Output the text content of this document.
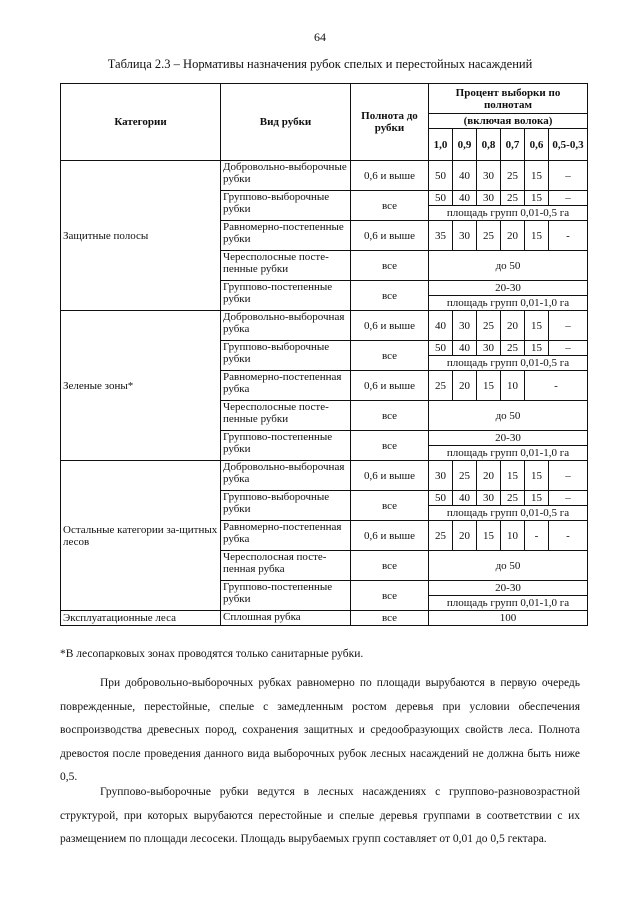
64
Таблица 2.3 – Нормативы назначения рубок спелых и перестойных насаждений
Категории	Вид рубки	Полнота до рубки	Процент выборки по полнотам					
			(включая волока)					
			1,0	0,9	0,8	0,7	0,6	0,5-0,3
Защитные полосы	Добровольно-выборочные рубки	0,6 и выше	50	40	30	25	15	–
	Группово-выборочные рубки	все	50	40	30	25	15	–
			площадь групп 0,01-0,5 га					
	Равномерно-постепенные рубки	0,6 и выше	35	30	25	20	15	-
	Чересполосные посте-пенные рубки	все	до 50					
	Группово-постепенные рубки	все	20-30					
			площадь групп 0,01-1,0 га					
Зеленые зоны*	Добровольно-выборочная рубка	0,6 и выше	40	30	25	20	15	–
	Группово-выборочные рубки	все	50	40	30	25	15	–
			площадь групп 0,01-0,5 га					
	Равномерно-постепенная рубка	0,6 и выше	25	20	15	10	-	
	Чересполосные посте-пенные рубки	все	до 50					
	Группово-постепенные рубки	все	20-30					
			площадь групп 0,01-1,0 га					
Остальные категории за-щитных лесов	Добровольно-выборочная рубка	0,6 и выше	30	25	20	15	15	–
	Группово-выборочные рубки	все	50	40	30	25	15	–
			площадь групп 0,01-0,5 га					
	Равномерно-постепенная рубка	0,6 и выше	25	20	15	10	-	-
	Чересполосная посте-пенная рубка	все	до 50					
	Группово-постепенные рубки	все	20-30					
			площадь групп 0,01-1,0 га					
Эксплуатационные леса	Сплошная рубка	все	100					
*В лесопарковых зонах проводятся только санитарные рубки.

При добровольно-выборочных рубках равномерно по площади вырубаются в первую очередь поврежденные, перестойные, спелые с замедленным ростом деревья при условии обеспечения воспроизводства древесных пород, сохранения защитных и средообразующих свойств леса. Полнота древостоя после проведения данного вида выборочных рубок лесных насаждений не должна быть ниже 0,5.

Группово-выборочные рубки ведутся в лесных насаждениях с группово-разновозрастной структурой, при которых вырубаются перестойные и спелые деревья группами в соответствии с их размещением по площади лесосеки. Площадь вырубаемых групп составляет от 0,01 до 0,5 гектара.
